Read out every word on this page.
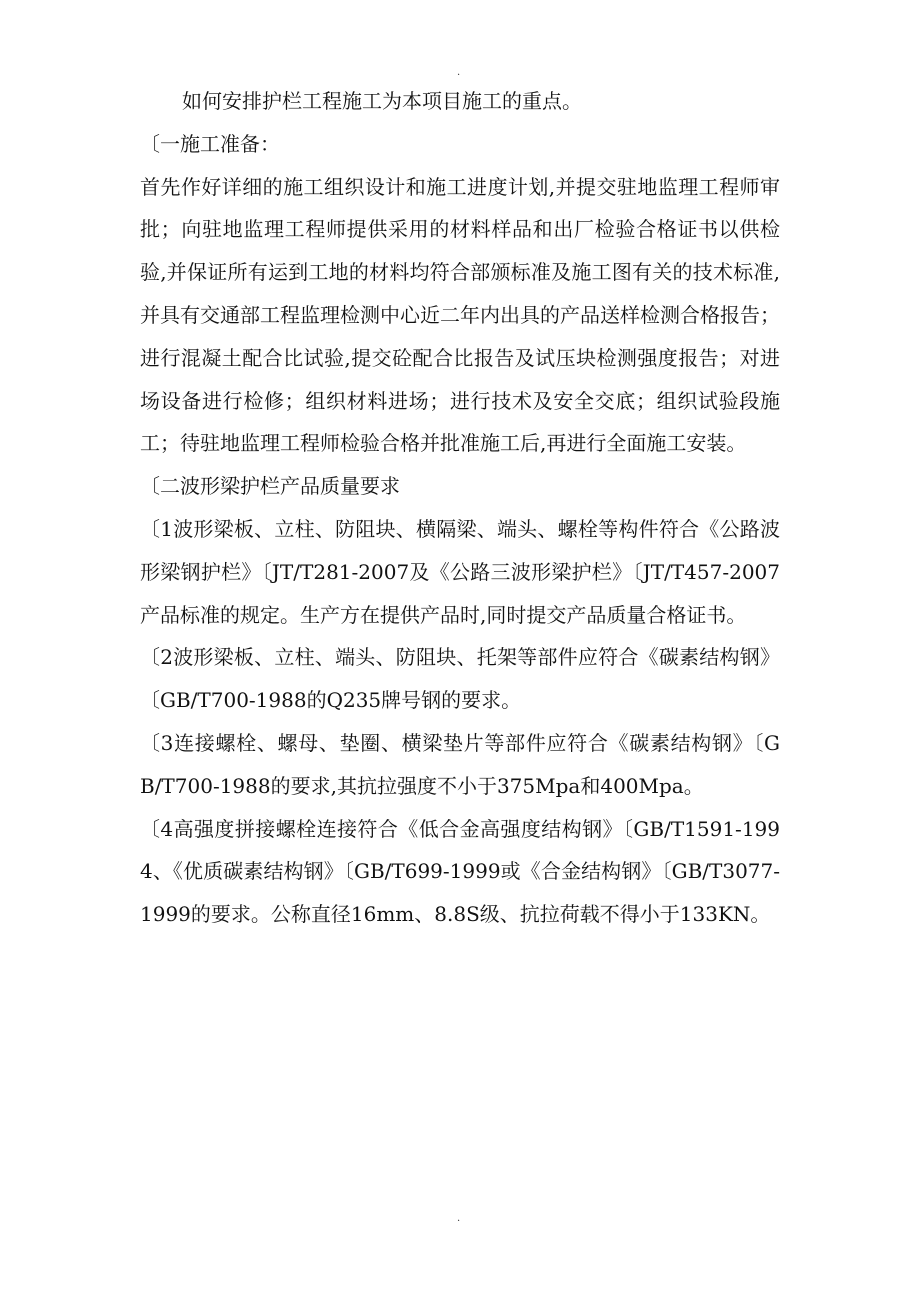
.

如何安排护栏工程施工为本项目施工的重点。

〔一施工准备：

首先作好详细的施工组织设计和施工进度计划,并提交驻地监理工程师审批；向驻地监理工程师提供采用的材料样品和出厂检验合格证书以供检验,并保证所有运到工地的材料均符合部颁标准及施工图有关的技术标准,并具有交通部工程监理检测中心近二年内出具的产品送样检测合格报告；进行混凝土配合比试验,提交砼配合比报告及试压块检测强度报告；对进场设备进行检修；组织材料进场；进行技术及安全交底；组织试验段施工；待驻地监理工程师检验合格并批准施工后,再进行全面施工安装。

〔二波形梁护栏产品质量要求

〔1波形梁板、立柱、防阻块、横隔梁、端头、螺栓等构件符合《公路波形梁钢护栏》〔JT/T281-2007及《公路三波形梁护栏》〔JT/T457-2007产品标准的规定。生产方在提供产品时,同时提交产品质量合格证书。

〔2波形梁板、立柱、端头、防阻块、托架等部件应符合《碳素结构钢》〔GB/T700-1988的Q235牌号钢的要求。

〔3连接螺栓、螺母、垫圈、横梁垫片等部件应符合《碳素结构钢》〔GB/T700-1988的要求,其抗拉强度不小于375Mpa和400Mpa。

〔4高强度拼接螺栓连接符合《低合金高强度结构钢》〔GB/T1591-1994、《优质碳素结构钢》〔GB/T699-1999或《合金结构钢》〔GB/T3077-1999的要求。公称直径16mm、8.8S级、抗拉荷载不得小于133KN。

.
